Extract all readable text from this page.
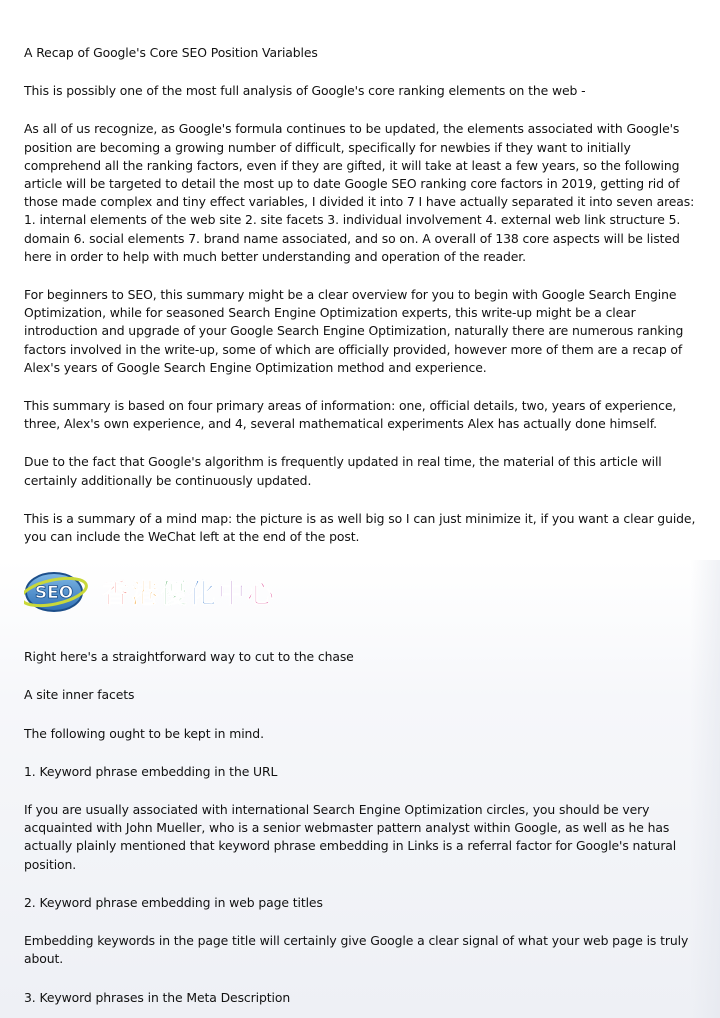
A Recap of Google's Core SEO Position Variables

This is possibly one of the most full analysis of Google's core ranking elements on the web -

As all of us recognize, as Google's formula continues to be updated, the elements associated with Google's position are becoming a growing number of difficult, specifically for newbies if they want to initially comprehend all the ranking factors, even if they are gifted, it will take at least a few years, so the following article will be targeted to detail the most up to date Google SEO ranking core factors in 2019, getting rid of those made complex and tiny effect variables, I divided it into 7 I have actually separated it into seven areas: 1. internal elements of the web site 2. site facets 3. individual involvement 4. external web link structure 5. domain 6. social elements 7. brand name associated, and so on. A overall of 138 core aspects will be listed here in order to help with much better understanding and operation of the reader.

For beginners to SEO, this summary might be a clear overview for you to begin with Google Search Engine Optimization, while for seasoned Search Engine Optimization experts, this write-up might be a clear introduction and upgrade of your Google Search Engine Optimization, naturally there are numerous ranking factors involved in the write-up, some of which are officially provided, however more of them are a recap of Alex's years of Google Search Engine Optimization method and experience.

This summary is based on four primary areas of information: one, official details, two, years of experience, three, Alex's own experience, and 4, several mathematical experiments Alex has actually done himself.

Due to the fact that Google's algorithm is frequently updated in real time, the material of this article will certainly additionally be continuously updated.

This is a summary of a mind map: the picture is as well big so I can just minimize it, if you want a clear guide, you can include the WeChat left at the end of the post.

SEO 香 港 優 化 中 心

Right here's a straightforward way to cut to the chase

A site inner facets

The following ought to be kept in mind.

1. Keyword phrase embedding in the URL

If you are usually associated with international Search Engine Optimization circles, you should be very acquainted with John Mueller, who is a senior webmaster pattern analyst within Google, as well as he has actually plainly mentioned that keyword phrase embedding in Links is a referral factor for Google's natural position.

2. Keyword phrase embedding in web page titles

Embedding keywords in the page title will certainly give Google a clear signal of what your web page is truly about.

3. Keyword phrases in the Meta Description
